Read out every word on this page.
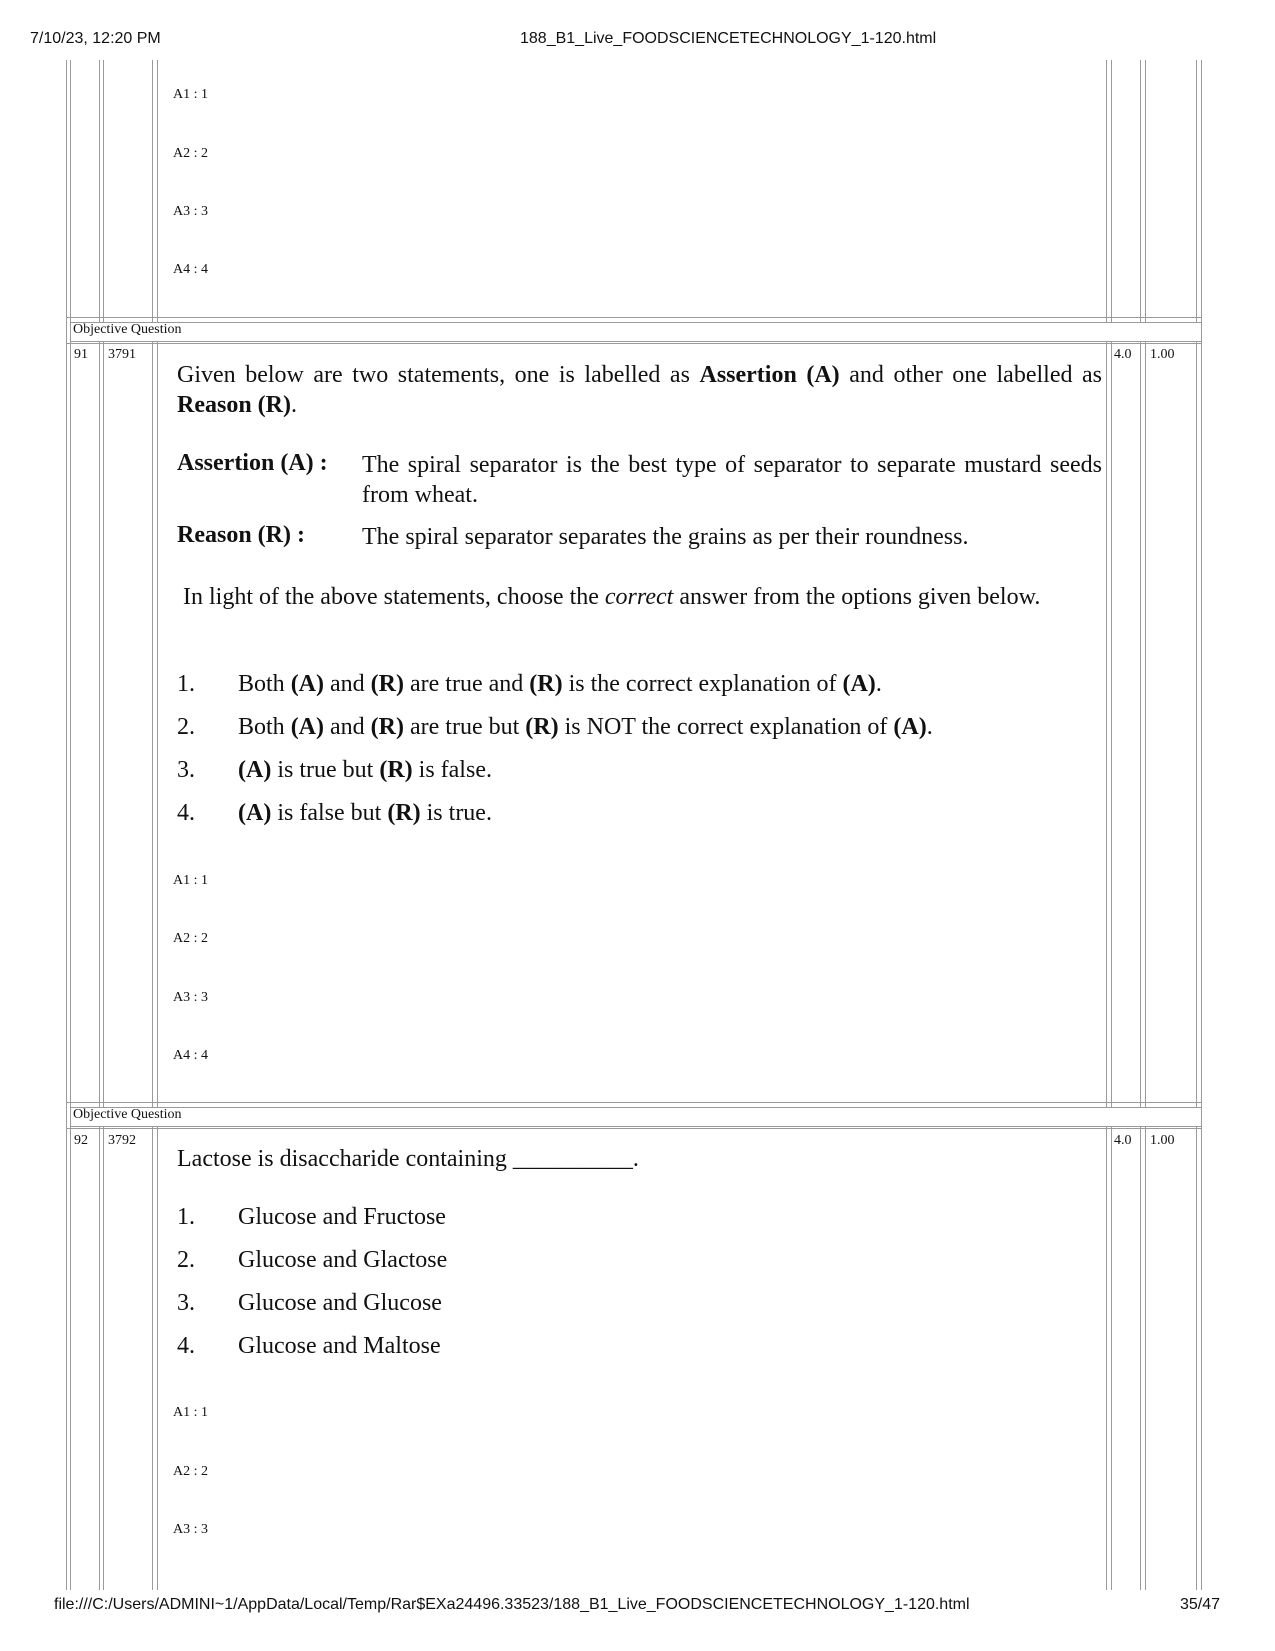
7/10/23, 12:20 PM	188_B1_Live_FOODSCIENCETECHNOLOGY_1-120.html
A1 : 1
A2 : 2
A3 : 3
A4 : 4
Objective Question
91 3791	4.0 1.00
Given below are two statements, one is labelled as Assertion (A) and other one labelled as Reason (R).
Assertion (A) : The spiral separator is the best type of separator to separate mustard seeds from wheat.
Reason (R) : The spiral separator separates the grains as per their roundness.
In light of the above statements, choose the correct answer from the options given below.
1. Both (A) and (R) are true and (R) is the correct explanation of (A).
2. Both (A) and (R) are true but (R) is NOT the correct explanation of (A).
3. (A) is true but (R) is false.
4. (A) is false but (R) is true.
A1 : 1
A2 : 2
A3 : 3
A4 : 4
Objective Question
92 3792	4.0 1.00
Lactose is disaccharide containing __________.
1. Glucose and Fructose
2. Glucose and Glactose
3. Glucose and Glucose
4. Glucose and Maltose
A1 : 1
A2 : 2
A3 : 3
file:///C:/Users/ADMINI~1/AppData/Local/Temp/Rar$EXa24496.33523/188_B1_Live_FOODSCIENCETECHNOLOGY_1-120.html	35/47
